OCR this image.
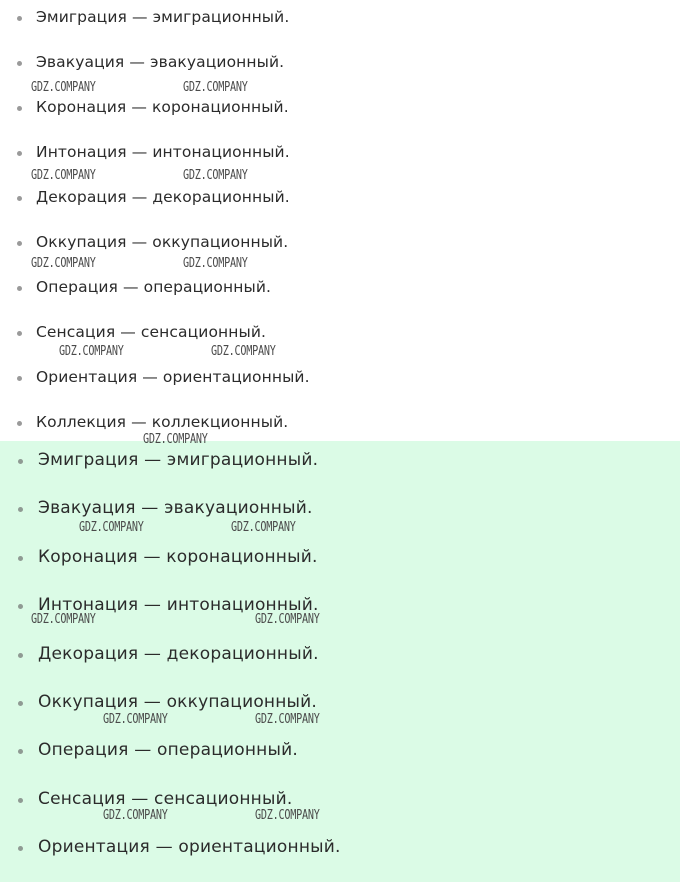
Эмиграция — эмиграционный.
Эвакуация — эвакуационный.
Коронация — коронационный.
Интонация — интонационный.
Декорация — декорационный.
Оккупация — оккупационный.
Операция — операционный.
Сенсация — сенсационный.
Ориентация — ориентационный.
Коллекция — коллекционный.
Эмиграция — эмиграционный.
Эвакуация — эвакуационный.
Коронация — коронационный.
Интонация — интонационный.
Декорация — декорационный.
Оккупация — оккупационный.
Операция — операционный.
Сенсация — сенсационный.
Ориентация — ориентационный.
GDZ.COMPANY	GDZ.COMPANY
GDZ.COMPANY	GDZ.COMPANY
GDZ.COMPANY	GDZ.COMPANY
GDZ.COMPANY	GDZ.COMPANY
GDZ.COMPANY
GDZ.COMPANY	GDZ.COMPANY
GDZ.COMPANY	GDZ.COMPANY
GDZ.COMPANY	GDZ.COMPANY
GDZ.COMPANY	GDZ.COMPANY
